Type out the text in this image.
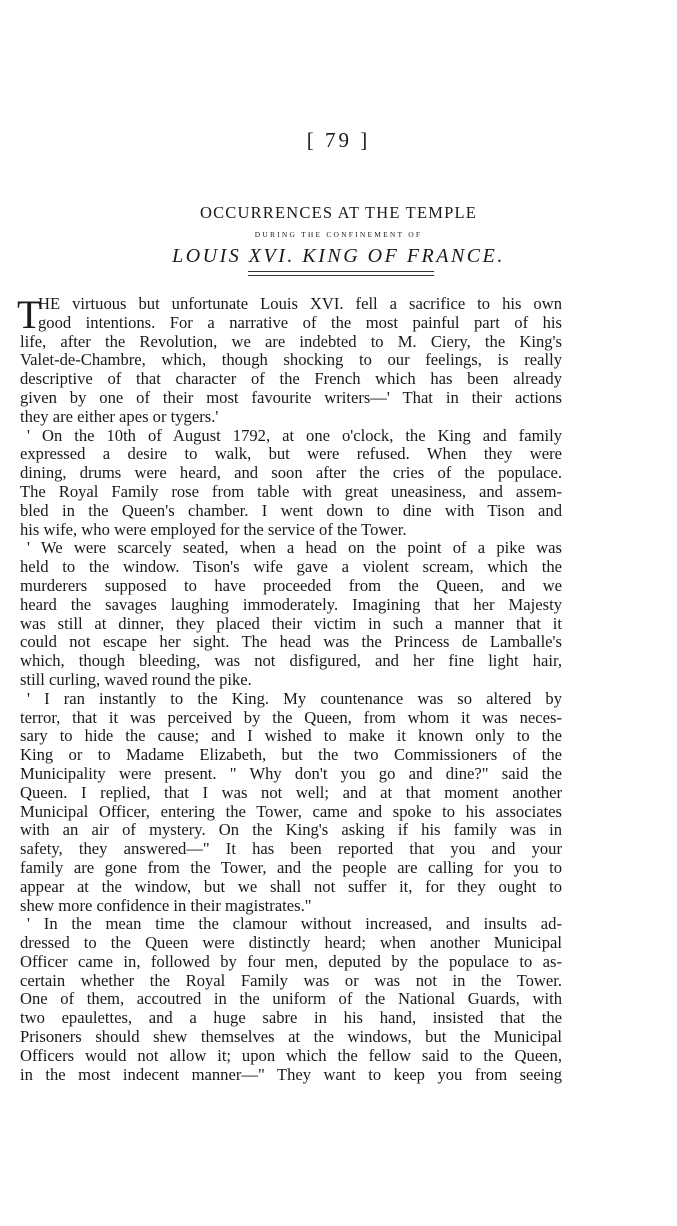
[ 79 ]
OCCURRENCES AT THE TEMPLE
DURING THE CONFINEMENT OF
LOUIS XVI. KING OF FRANCE.
T
HE virtuous but unfortunate Louis XVI. fell a sacrifice to his own
good intentions. For a narrative of the most painful part of his
life, after the Revolution, we are indebted to M. Ciery, the King's
Valet-de-Chambre, which, though shocking to our feelings, is really
descriptive of that character of the French which has been already
given by one of their most favourite writers—' That in their actions
they are either apes or tygers.'
' On the 10th of August 1792, at one o'clock, the King and family
expressed a desire to walk, but were refused. When they were
dining, drums were heard, and soon after the cries of the populace.
The Royal Family rose from table with great uneasiness, and assem-
bled in the Queen's chamber. I went down to dine with Tison and
his wife, who were employed for the service of the Tower.
' We were scarcely seated, when a head on the point of a pike was
held to the window. Tison's wife gave a violent scream, which the
murderers supposed to have proceeded from the Queen, and we
heard the savages laughing immoderately. Imagining that her Majesty
was still at dinner, they placed their victim in such a manner that it
could not escape her sight. The head was the Princess de Lamballe's
which, though bleeding, was not disfigured, and her fine light hair,
still curling, waved round the pike.
' I ran instantly to the King. My countenance was so altered by
terror, that it was perceived by the Queen, from whom it was neces-
sary to hide the cause; and I wished to make it known only to the
King or to Madame Elizabeth, but the two Commissioners of the
Municipality were present. " Why don't you go and dine?" said the
Queen. I replied, that I was not well; and at that moment another
Municipal Officer, entering the Tower, came and spoke to his associates
with an air of mystery. On the King's asking if his family was in
safety, they answered—" It has been reported that you and your
family are gone from the Tower, and the people are calling for you to
appear at the window, but we shall not suffer it, for they ought to
shew more confidence in their magistrates."
' In the mean time the clamour without increased, and insults ad-
dressed to the Queen were distinctly heard; when another Municipal
Officer came in, followed by four men, deputed by the populace to as-
certain whether the Royal Family was or was not in the Tower.
One of them, accoutred in the uniform of the National Guards, with
two epaulettes, and a huge sabre in his hand, insisted that the
Prisoners should shew themselves at the windows, but the Municipal
Officers would not allow it; upon which the fellow said to the Queen,
in the most indecent manner—" They want to keep you from seeing
